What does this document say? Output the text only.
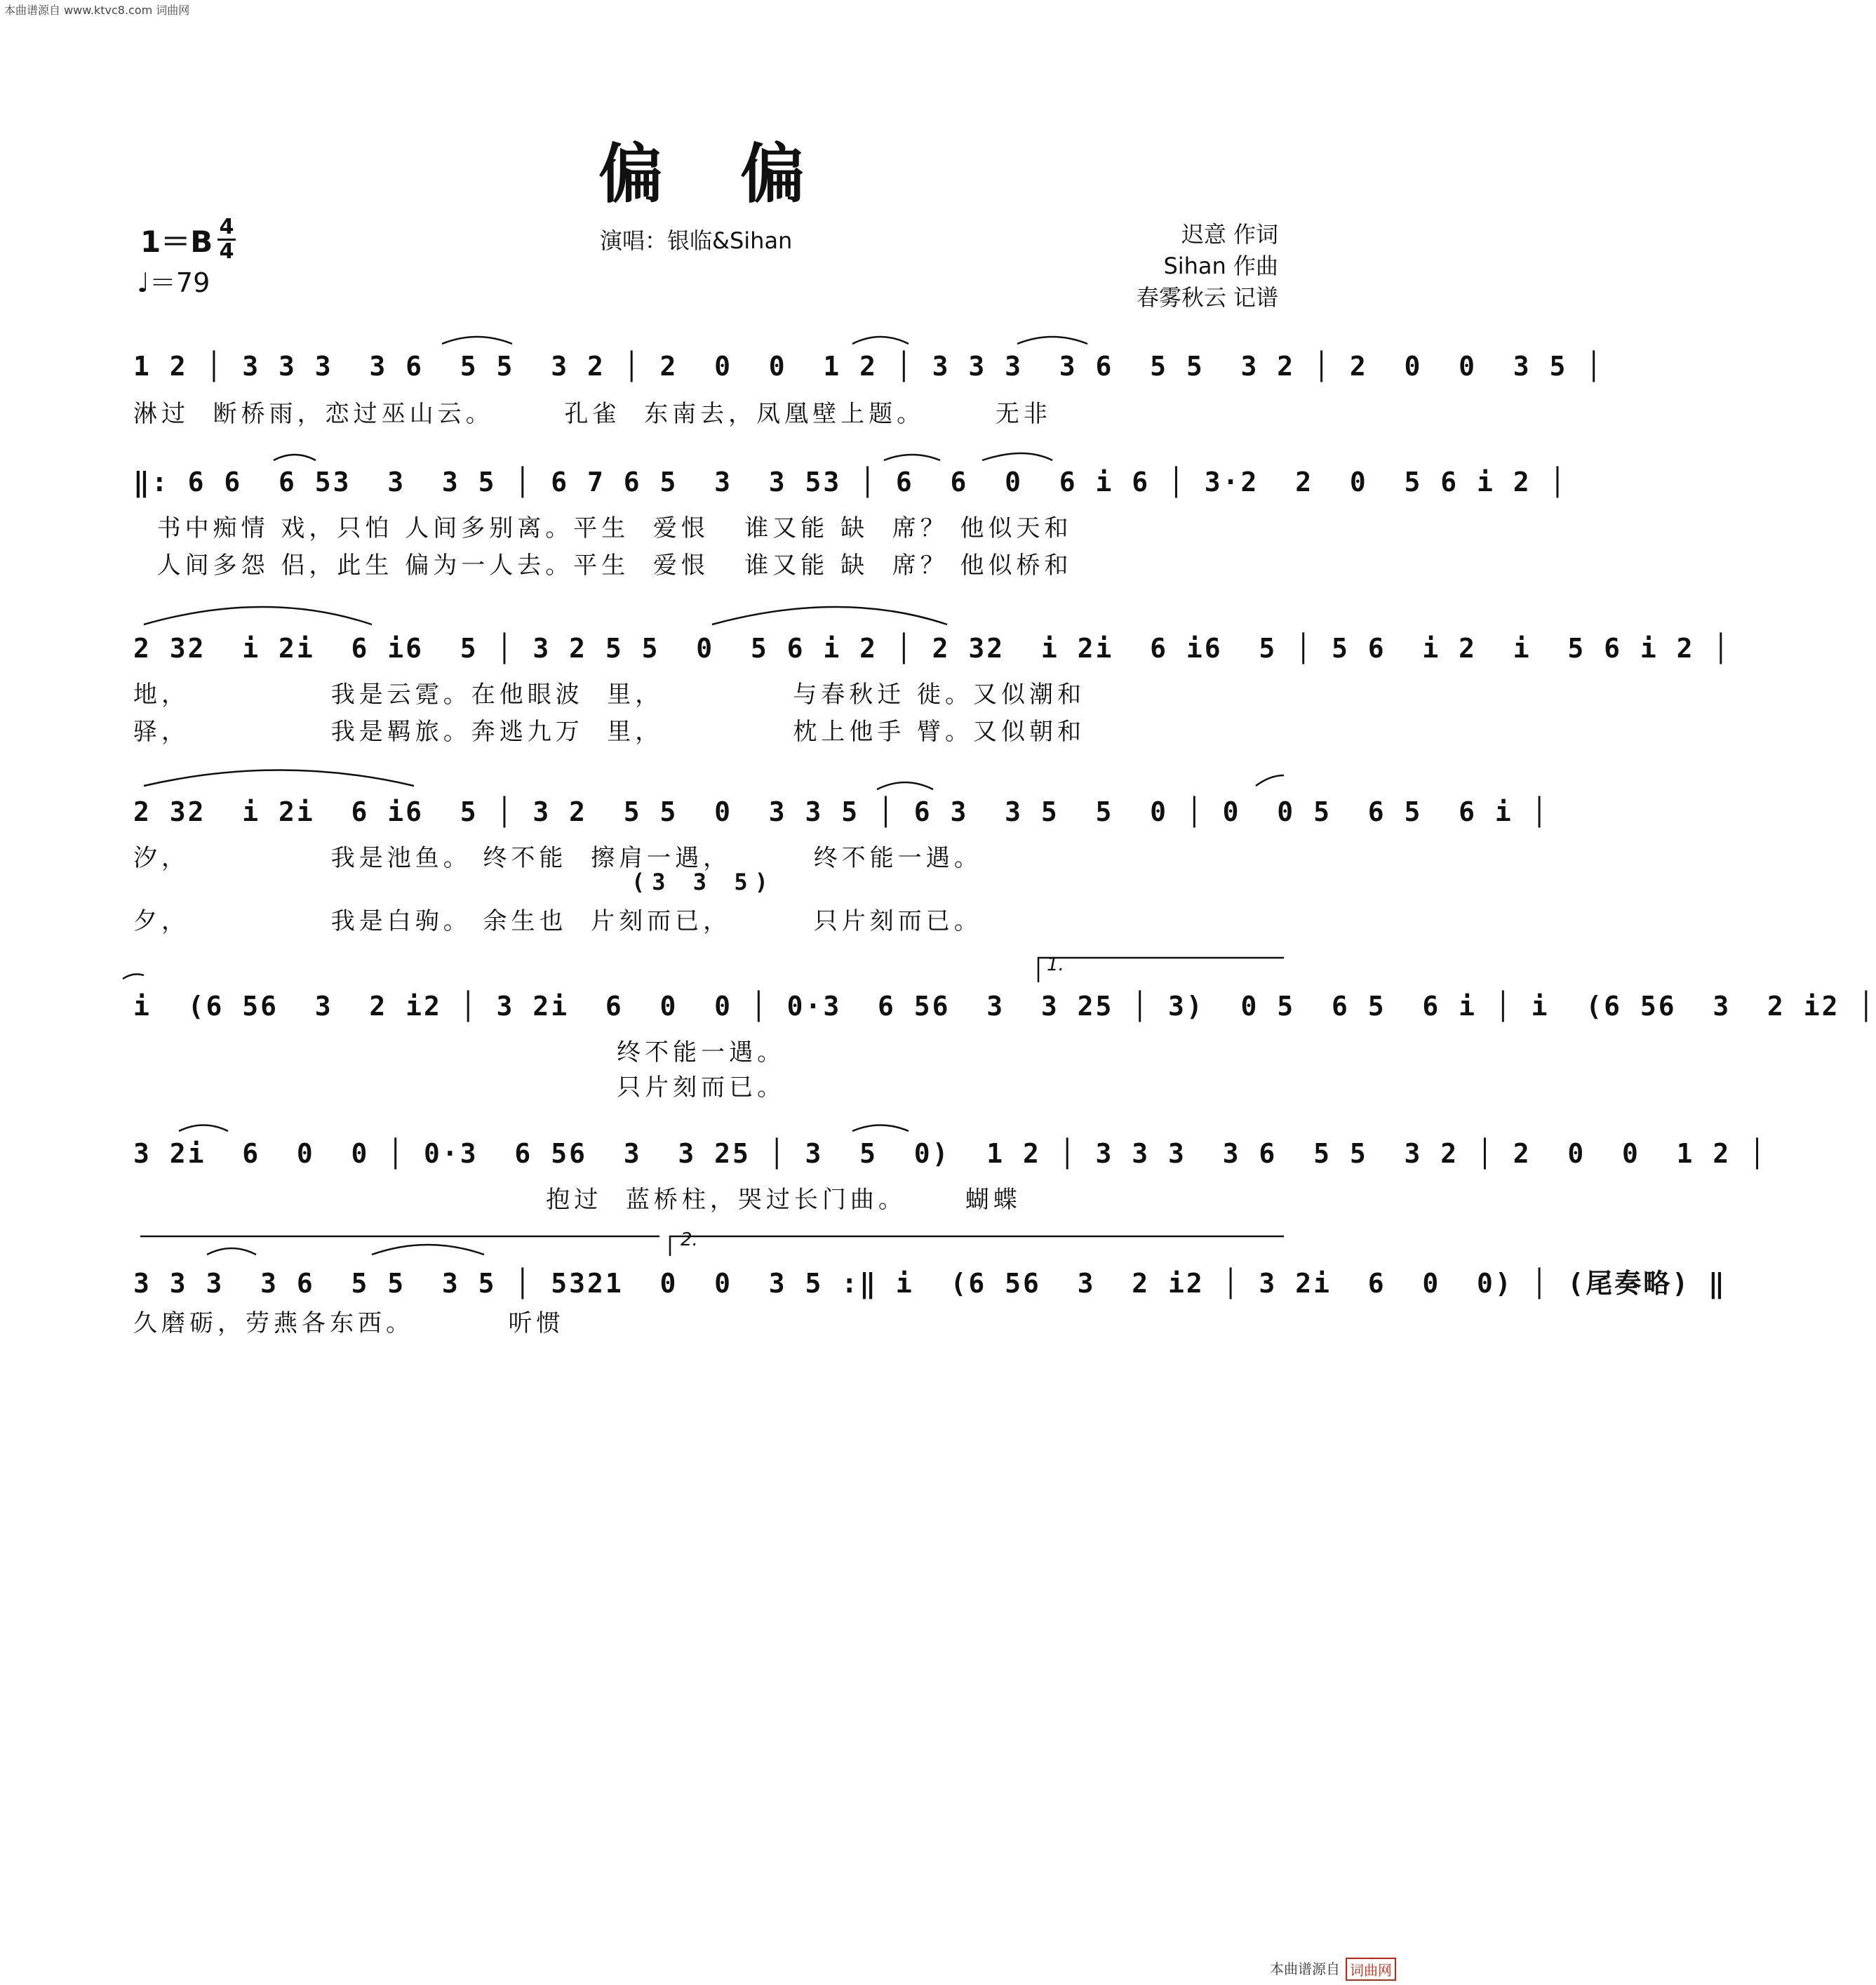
本曲谱源自 www.ktvc8.com 词曲网
偏偏
1＝B 4
4
♩＝79
演唱：银临&Sihan	迟意 作词
Sihan 作曲
春雾秋云 记谱
1 2 │ 3 3 3  3 6  5 5  3 2 │ 2  0  0  1 2 │ 3 3 3  3 6  5 5  3 2 │ 2  0  0  3 5 │
淋过  断桥雨，恋过巫山云。      孔雀  东南去，凤凰壁上题。      无非
‖: 6 6  6 53  3  3 5 │ 6 7 6 5  3  3 53 │ 6  6  0  6 i 6 │ 3·2  2  0  5 6 i 2 │
书中痴情 戏，只怕 人间多别离。平生  爱恨   谁又能 缺  席？ 他似天和
人间多怨 侣，此生 偏为一人去。平生  爱恨   谁又能 缺  席？ 他似桥和
2 32  i 2i  6 i6  5 │ 3 2 5 5  0  5 6 i 2 │ 2 32  i 2i  6 i6  5 │ 5 6  i 2  i  5 6 i 2 │
地，            我是云霓。在他眼波  里，           与春秋迁 徙。又似潮和
驿，            我是羁旅。奔逃九万  里，           枕上他手 臂。又似朝和
2 32  i 2i  6 i6  5 │ 3 2  5 5  0  3 3 5 │ 6 3  3 5  5  0 │ 0  0 5  6 5  6 i │
汐，            我是池鱼。 终不能  擦肩一遇，       终不能一遇。
(3 3 5)
夕，            我是白驹。 余生也  片刻而已，       只片刻而已。
1.
i  (6 56  3  2 i2 │ 3 2i  6  0  0 │ 0·3  6 56  3  3 25 │ 3)  0 5  6 5  6 i │ i  (6 56  3  2 i2 │
终不能一遇。
只片刻而已。
3 2i  6  0  0 │ 0·3  6 56  3  3 25 │ 3  5  0)  1 2 │ 3 3 3  3 6  5 5  3 2 │ 2  0  0  1 2 │
抱过  蓝桥柱，哭过长门曲。     蝴蝶
2.
3 3 3  3 6  5 5  3 5 │ 5321  0  0  3 5 :‖ i  (6 56  3  2 i2 │ 3 2i  6  0  0) │ (尾奏略) ‖
久磨砺，劳燕各东西。        听惯
本曲谱源自 词曲网
